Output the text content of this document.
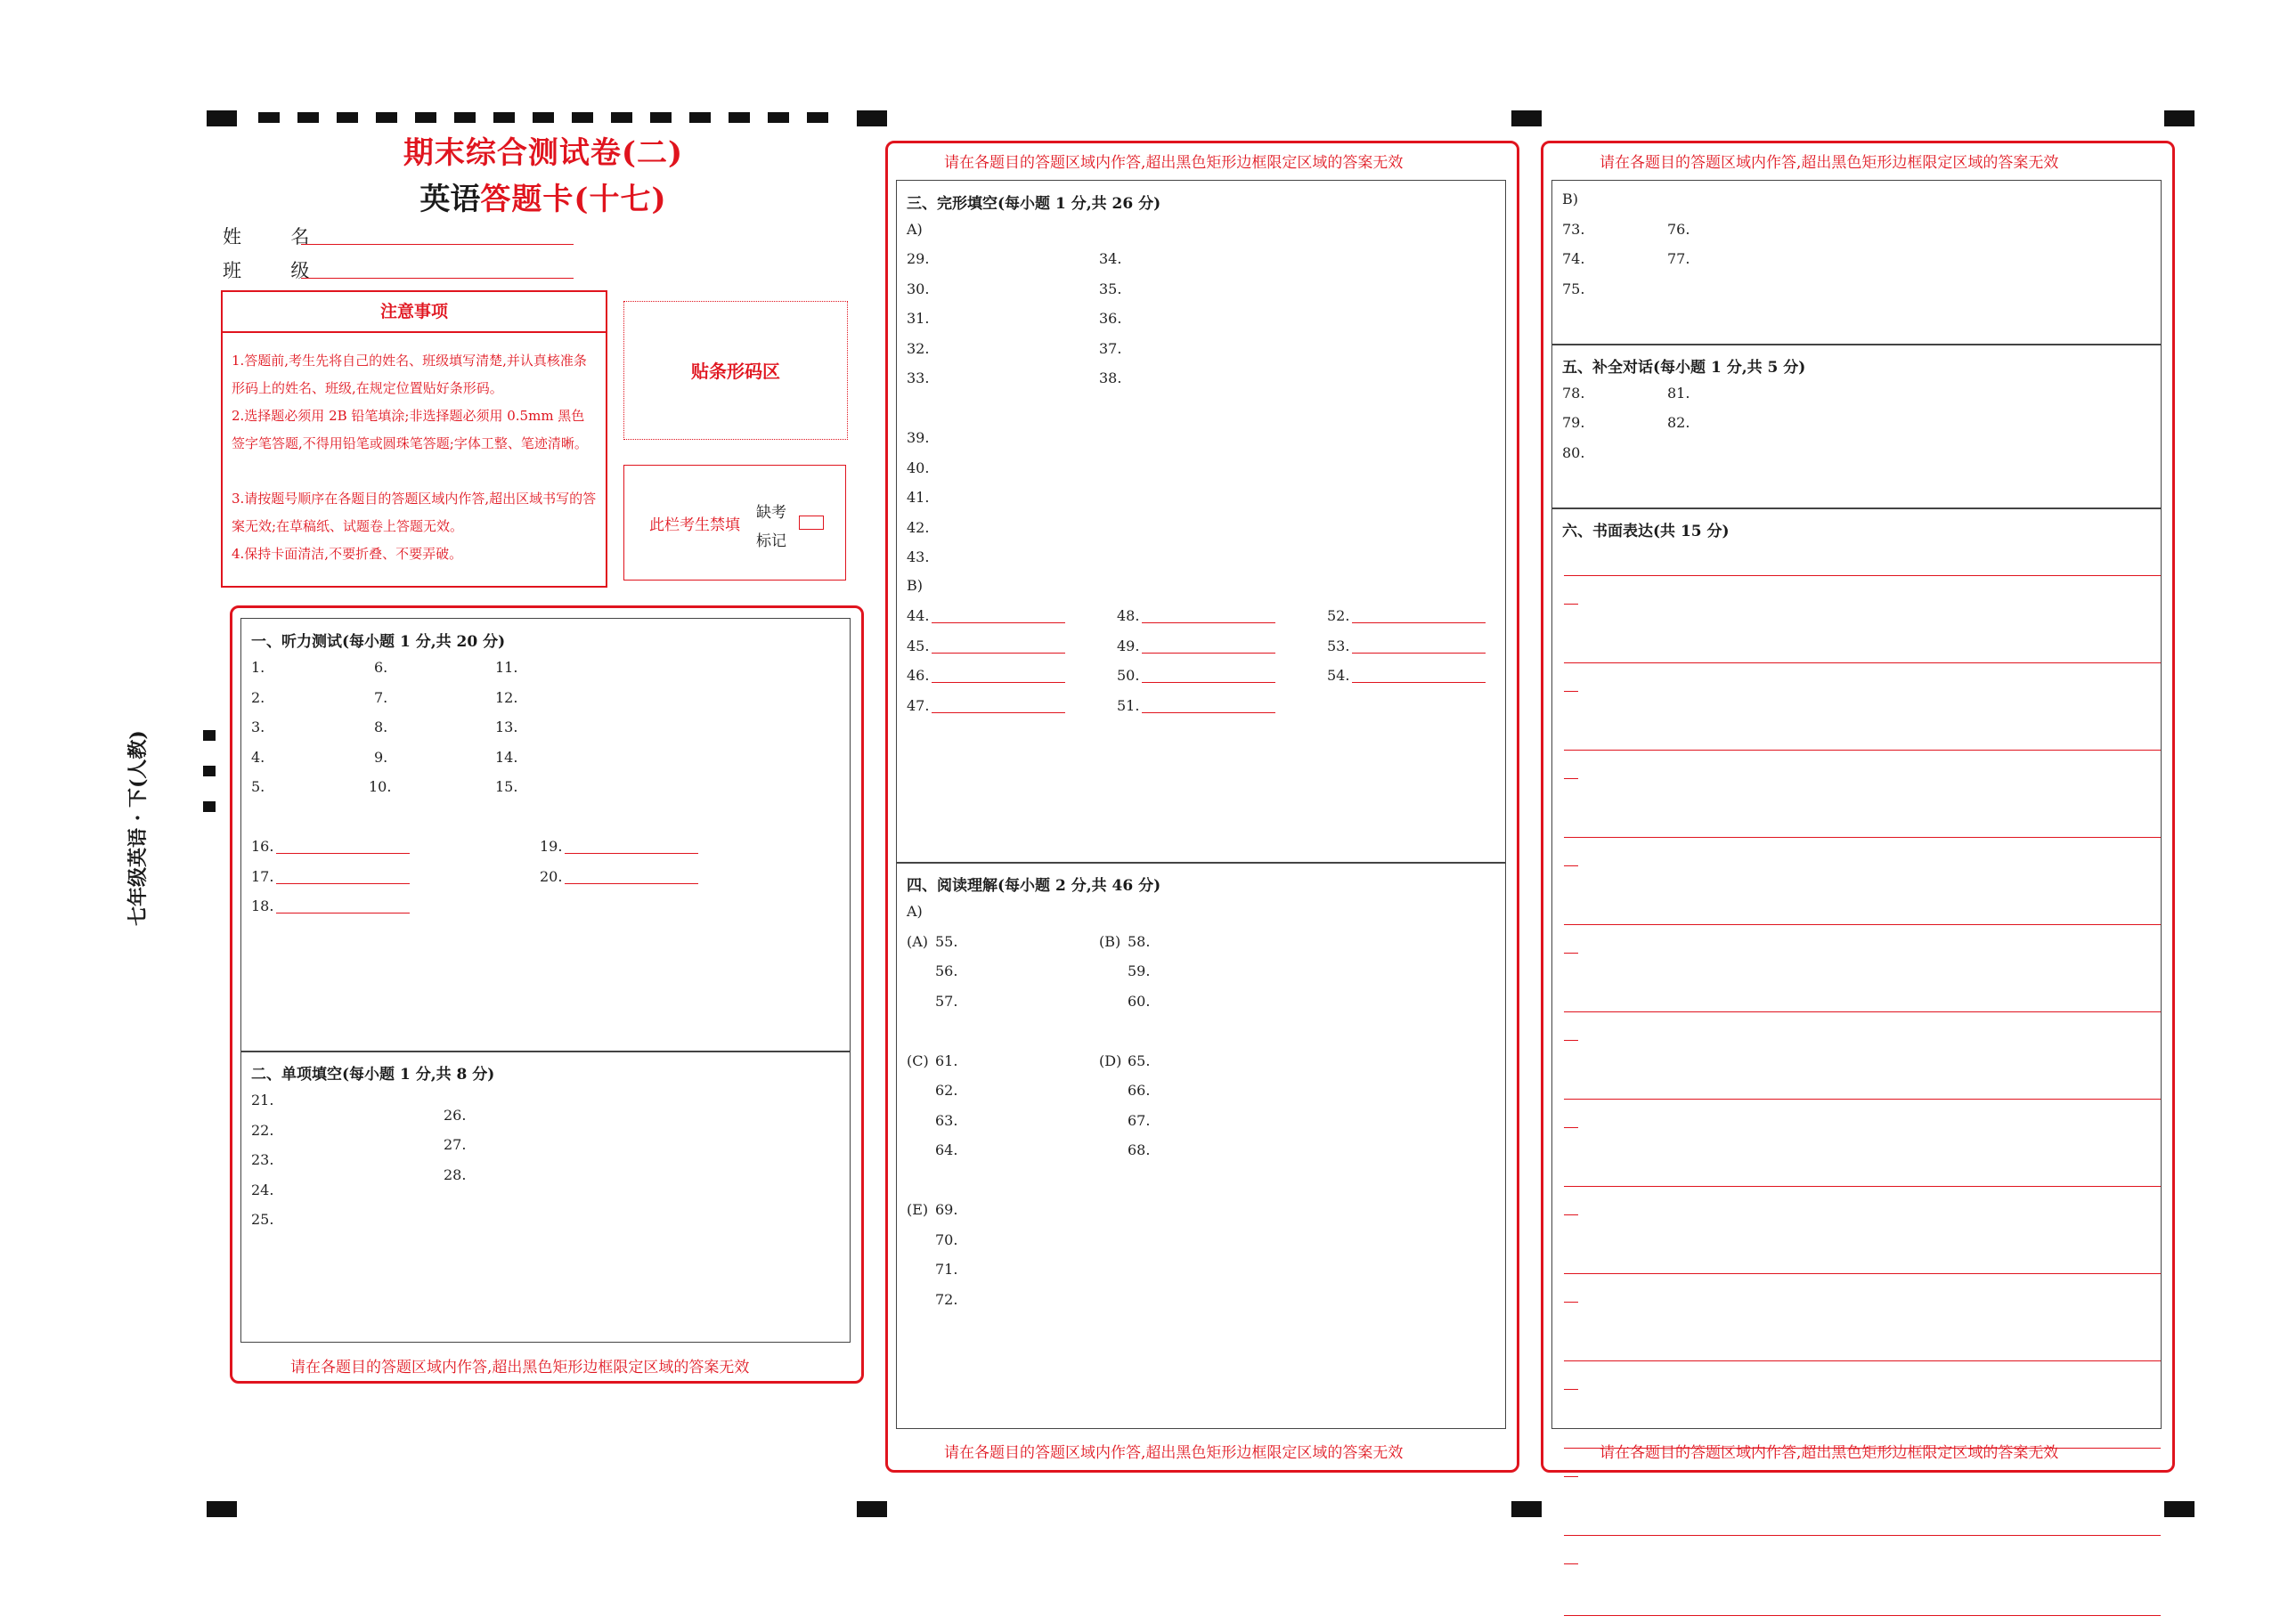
七年级英语 · 下(人教)
期末综合测试卷(二)
英语答题卡(十七)
姓  名
班  级
注意事项
1.答题前,考生先将自己的姓名、班级填写清楚,并认真核准条形码上的姓名、班级,在规定位置贴好条形码。
2.选择题必须用 2B 铅笔填涂;非选择题必须用 0.5mm 黑色签字笔答题,不得用铅笔或圆珠笔答题;字体工整、笔迹清晰。
3.请按题号顺序在各题目的答题区域内作答,超出区域书写的答案无效;在草稿纸、试题卷上答题无效。
4.保持卡面清洁,不要折叠、不要弄破。
贴条形码区
此栏考生禁填
缺考
标记
请在各题目的答题区域内作答,超出黑色矩形边框限定区域的答案无效
一、听力测试(每小题 1 分,共 20 分)
1.
2.
3.
4.
5.
6.
7.
8.
9.
10.
11.
12.
13.
14.
15.
16.
17.
18.
19.
20.
二、单项填空(每小题 1 分,共 8 分)
21.
22.
23.
24.
25.
26.
27.
28.
请在各题目的答题区域内作答,超出黑色矩形边框限定区域的答案无效
请在各题目的答题区域内作答,超出黑色矩形边框限定区域的答案无效
三、完形填空(每小题 1 分,共 26 分)
A)
29.
30.
31.
32.
33.
34.
35.
36.
37.
38.
39.
40.
41.
42.
43.
B)
44.
45.
46.
47.
48.
49.
50.
51.
52.
53.
54.
四、阅读理解(每小题 2 分,共 46 分)
A)
(A) 55.
56.
57.
(B) 58.
59.
60.
(C) 61.
62.
63.
64.
(D) 65.
66.
67.
68.
(E) 69.
70.
71.
72.
请在各题目的答题区域内作答,超出黑色矩形边框限定区域的答案无效
请在各题目的答题区域内作答,超出黑色矩形边框限定区域的答案无效
B)
73.
74.
75.
76.
77.
五、补全对话(每小题 1 分,共 5 分)
78.
79.
80.
81.
82.
六、书面表达(共 15 分)
